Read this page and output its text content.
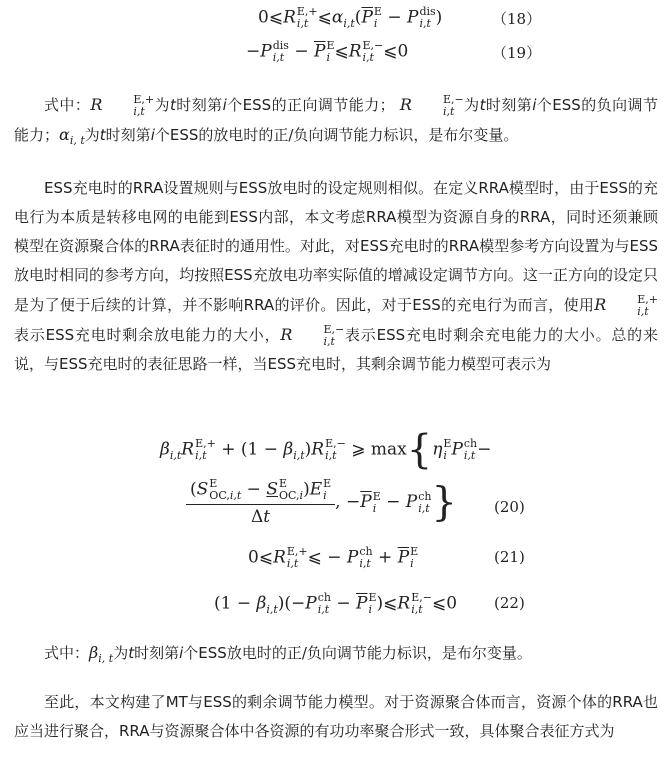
0⩽R E,+
i,t $⩽\alpha_{i,t}(\overline{P}$ E
i − P dis
i,t )	（18）
−P dis
$i,t - \overline{P}$ E
i ⩽R E,−
i,t ⩽0	（19）
式中：R	E,+
i,t 为t时刻第i个ESS的正向调节能力； R	E,−
i,t 为t时刻第i个ESS的负向调节能力；$\alpha_{i, t}$为t时刻第i个ESS的放电时的正/负向调节能力标识，是布尔变量。
ESS充电时的RRA设置规则与ESS放电时的设定规则相似。在定义RRA模型时，由于ESS的充电行为本质是转移电网的电能到ESS内部，本文考虑RRA模型为资源自身的RRA，同时还须兼顾模型在资源聚合体的RRA表征时的通用性。对此，对ESS充电时的RRA模型参考方向设置为与ESS放电时相同的参考方向，均按照ESS充放电功率实际值的增减设定调节方向。这一正方向的设定只是为了便于后续的计算，并不影响RRA的评价。因此，对于ESS的充电行为而言，使用R	E,+
i,t
表示ESS充电时剩余放电能力的大小，R	E,−
i,t 表示ESS充电时剩余充电能力的大小。总的来说，与ESS充电时的表征思路一样，当ESS充电时，其剩余调节能力模型可表示为
$\beta_{i,t}R$ E,+
$i,t + (1 - \beta_{i,t})R$ E,−
i,t ⩾ max{η E
i P ch
i,t −
(S E
OC,i,t − S E
OC,i )E E
i
Δt , $-\overline{P}$ E
i − P ch
i,t } (20)
0⩽R E,+
i,t ⩽ − P ch
$i,t + \overline{P}$ E
i	(21)
$(1 - \beta_{i,t})(-P$ ch
$i,t - \overline{P}$ E
i )⩽R E,−
i,t ⩽0 (22)
式中：$\beta_{i, t}$为t时刻第i个ESS放电时的正/负向调节能力标识，是布尔变量。
至此，本文构建了MT与ESS的剩余调节能力模型。对于资源聚合体而言，资源个体的RRA也应当进行聚合，RRA与资源聚合体中各资源的有功功率聚合形式一致，具体聚合表征方式为
